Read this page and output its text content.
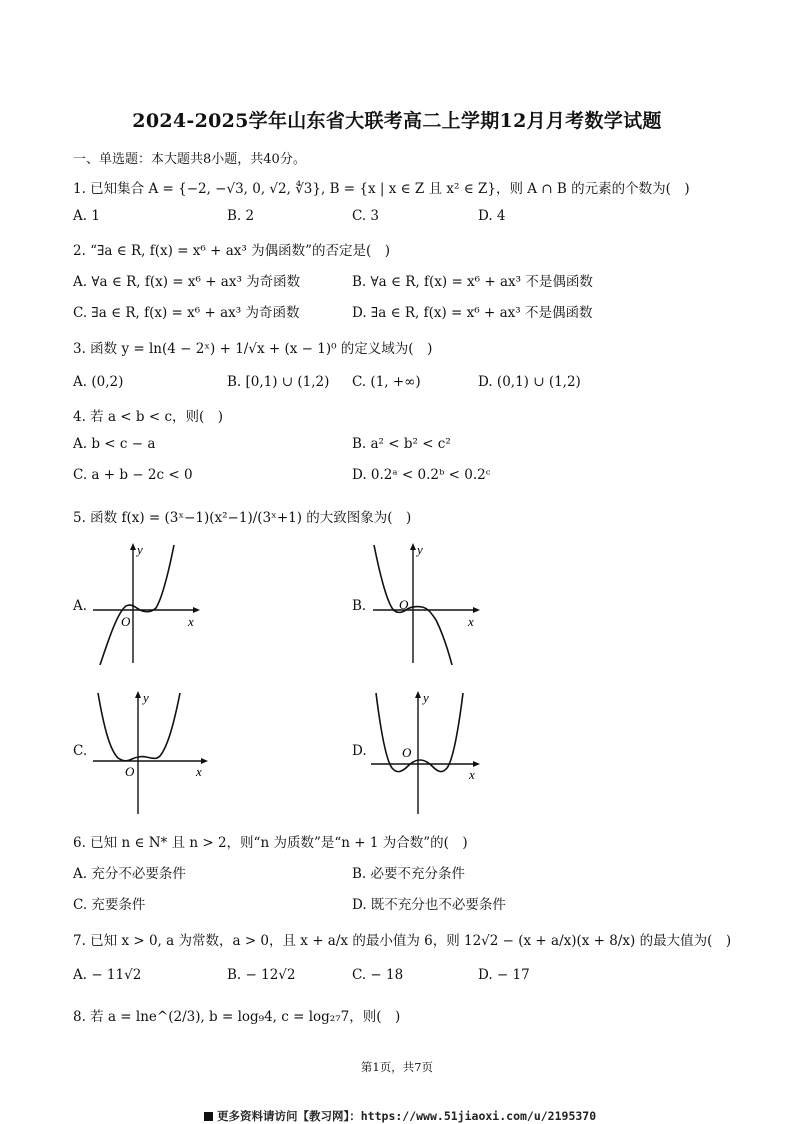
2024-2025学年山东省大联考高二上学期12月月考数学试题
一、单选题：本大题共8小题，共40分。
1. 已知集合 A = {−2, −√3, 0, √2, ∜3}, B = {x | x ∈ Z 且 x² ∈ Z}，则 A ∩ B 的元素的个数为(　)
A. 1	B. 2	C. 3	D. 4
2. “∃a ∈ R, f(x) = x⁶ + ax³ 为偶函数”的否定是(　)
A. ∀a ∈ R, f(x) = x⁶ + ax³ 为奇函数	B. ∀a ∈ R, f(x) = x⁶ + ax³ 不是偶函数
C. ∃a ∈ R, f(x) = x⁶ + ax³ 为奇函数	D. ∃a ∈ R, f(x) = x⁶ + ax³ 不是偶函数
3. 函数 y = ln(4 − 2ˣ) + 1/√x + (x − 1)⁰ 的定义域为(　)
A. (0,2)	B. [0,1) ∪ (1,2) C. (1, +∞)	D. (0,1) ∪ (1,2)
4. 若 a < b < c，则(　)
A. b < c − a	B. a² < b² < c²
C. a + b − 2c < 0	D. 0.2ᵃ < 0.2ᵇ < 0.2ᶜ
5. 函数 f(x) = (3ˣ−1)(x²−1)/(3ˣ+1) 的大致图象为(　)
A.
y
x
O
B.
y
x
O
C.
y
x
O
D.
y
x
O
6. 已知 n ∈ N* 且 n > 2，则“n 为质数”是“n + 1 为合数”的(　)
A. 充分不必要条件	B. 必要不充分条件
C. 充要条件	D. 既不充分也不必要条件
7. 已知 x > 0, a 为常数，a > 0，且 x + a/x 的最小值为 6，则 12√2 − (x + a/x)(x + 8/x) 的最大值为(　)
A. − 11√2	B. − 12√2	C. − 18	D. − 17
8. 若 a = lne^(2/3), b = log₉4, c = log₂₇7，则(　)
第1页，共7页
更多资料请访问【教习网】：https://www.51jiaoxi.com/u/2195370
